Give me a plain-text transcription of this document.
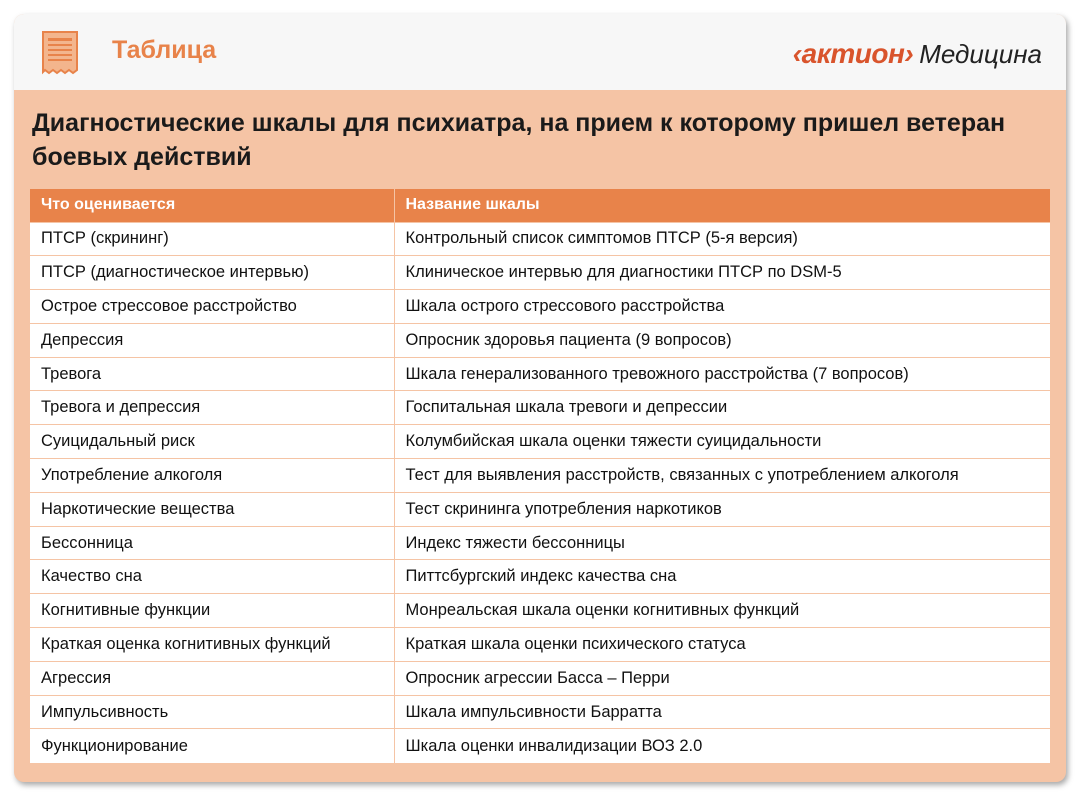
Таблица	‹актион› Медицина
Диагностические шкалы для психиатра, на прием к которому пришел ветеран боевых действий
Что оценивается	Название шкалы
ПТСР (скрининг)	Контрольный список симптомов ПТСР (5-я версия)
ПТСР (диагностическое интервью)	Клиническое интервью для диагностики ПТСР по DSM-5
Острое стрессовое расстройство	Шкала острого стрессового расстройства
Депрессия	Опросник здоровья пациента (9 вопросов)
Тревога	Шкала генерализованного тревожного расстройства (7 вопросов)
Тревога и депрессия	Госпитальная шкала тревоги и депрессии
Суицидальный риск	Колумбийская шкала оценки тяжести суицидальности
Употребление алкоголя	Тест для выявления расстройств, связанных с употреблением алкоголя
Наркотические вещества	Тест скрининга употребления наркотиков
Бессонница	Индекс тяжести бессонницы
Качество сна	Питтсбургский индекс качества сна
Когнитивные функции	Монреальская шкала оценки когнитивных функций
Краткая оценка когнитивных функций	Краткая шкала оценки психического статуса
Агрессия	Опросник агрессии Басса – Перри
Импульсивность	Шкала импульсивности Барратта
Функционирование	Шкала оценки инвалидизации ВОЗ 2.0
